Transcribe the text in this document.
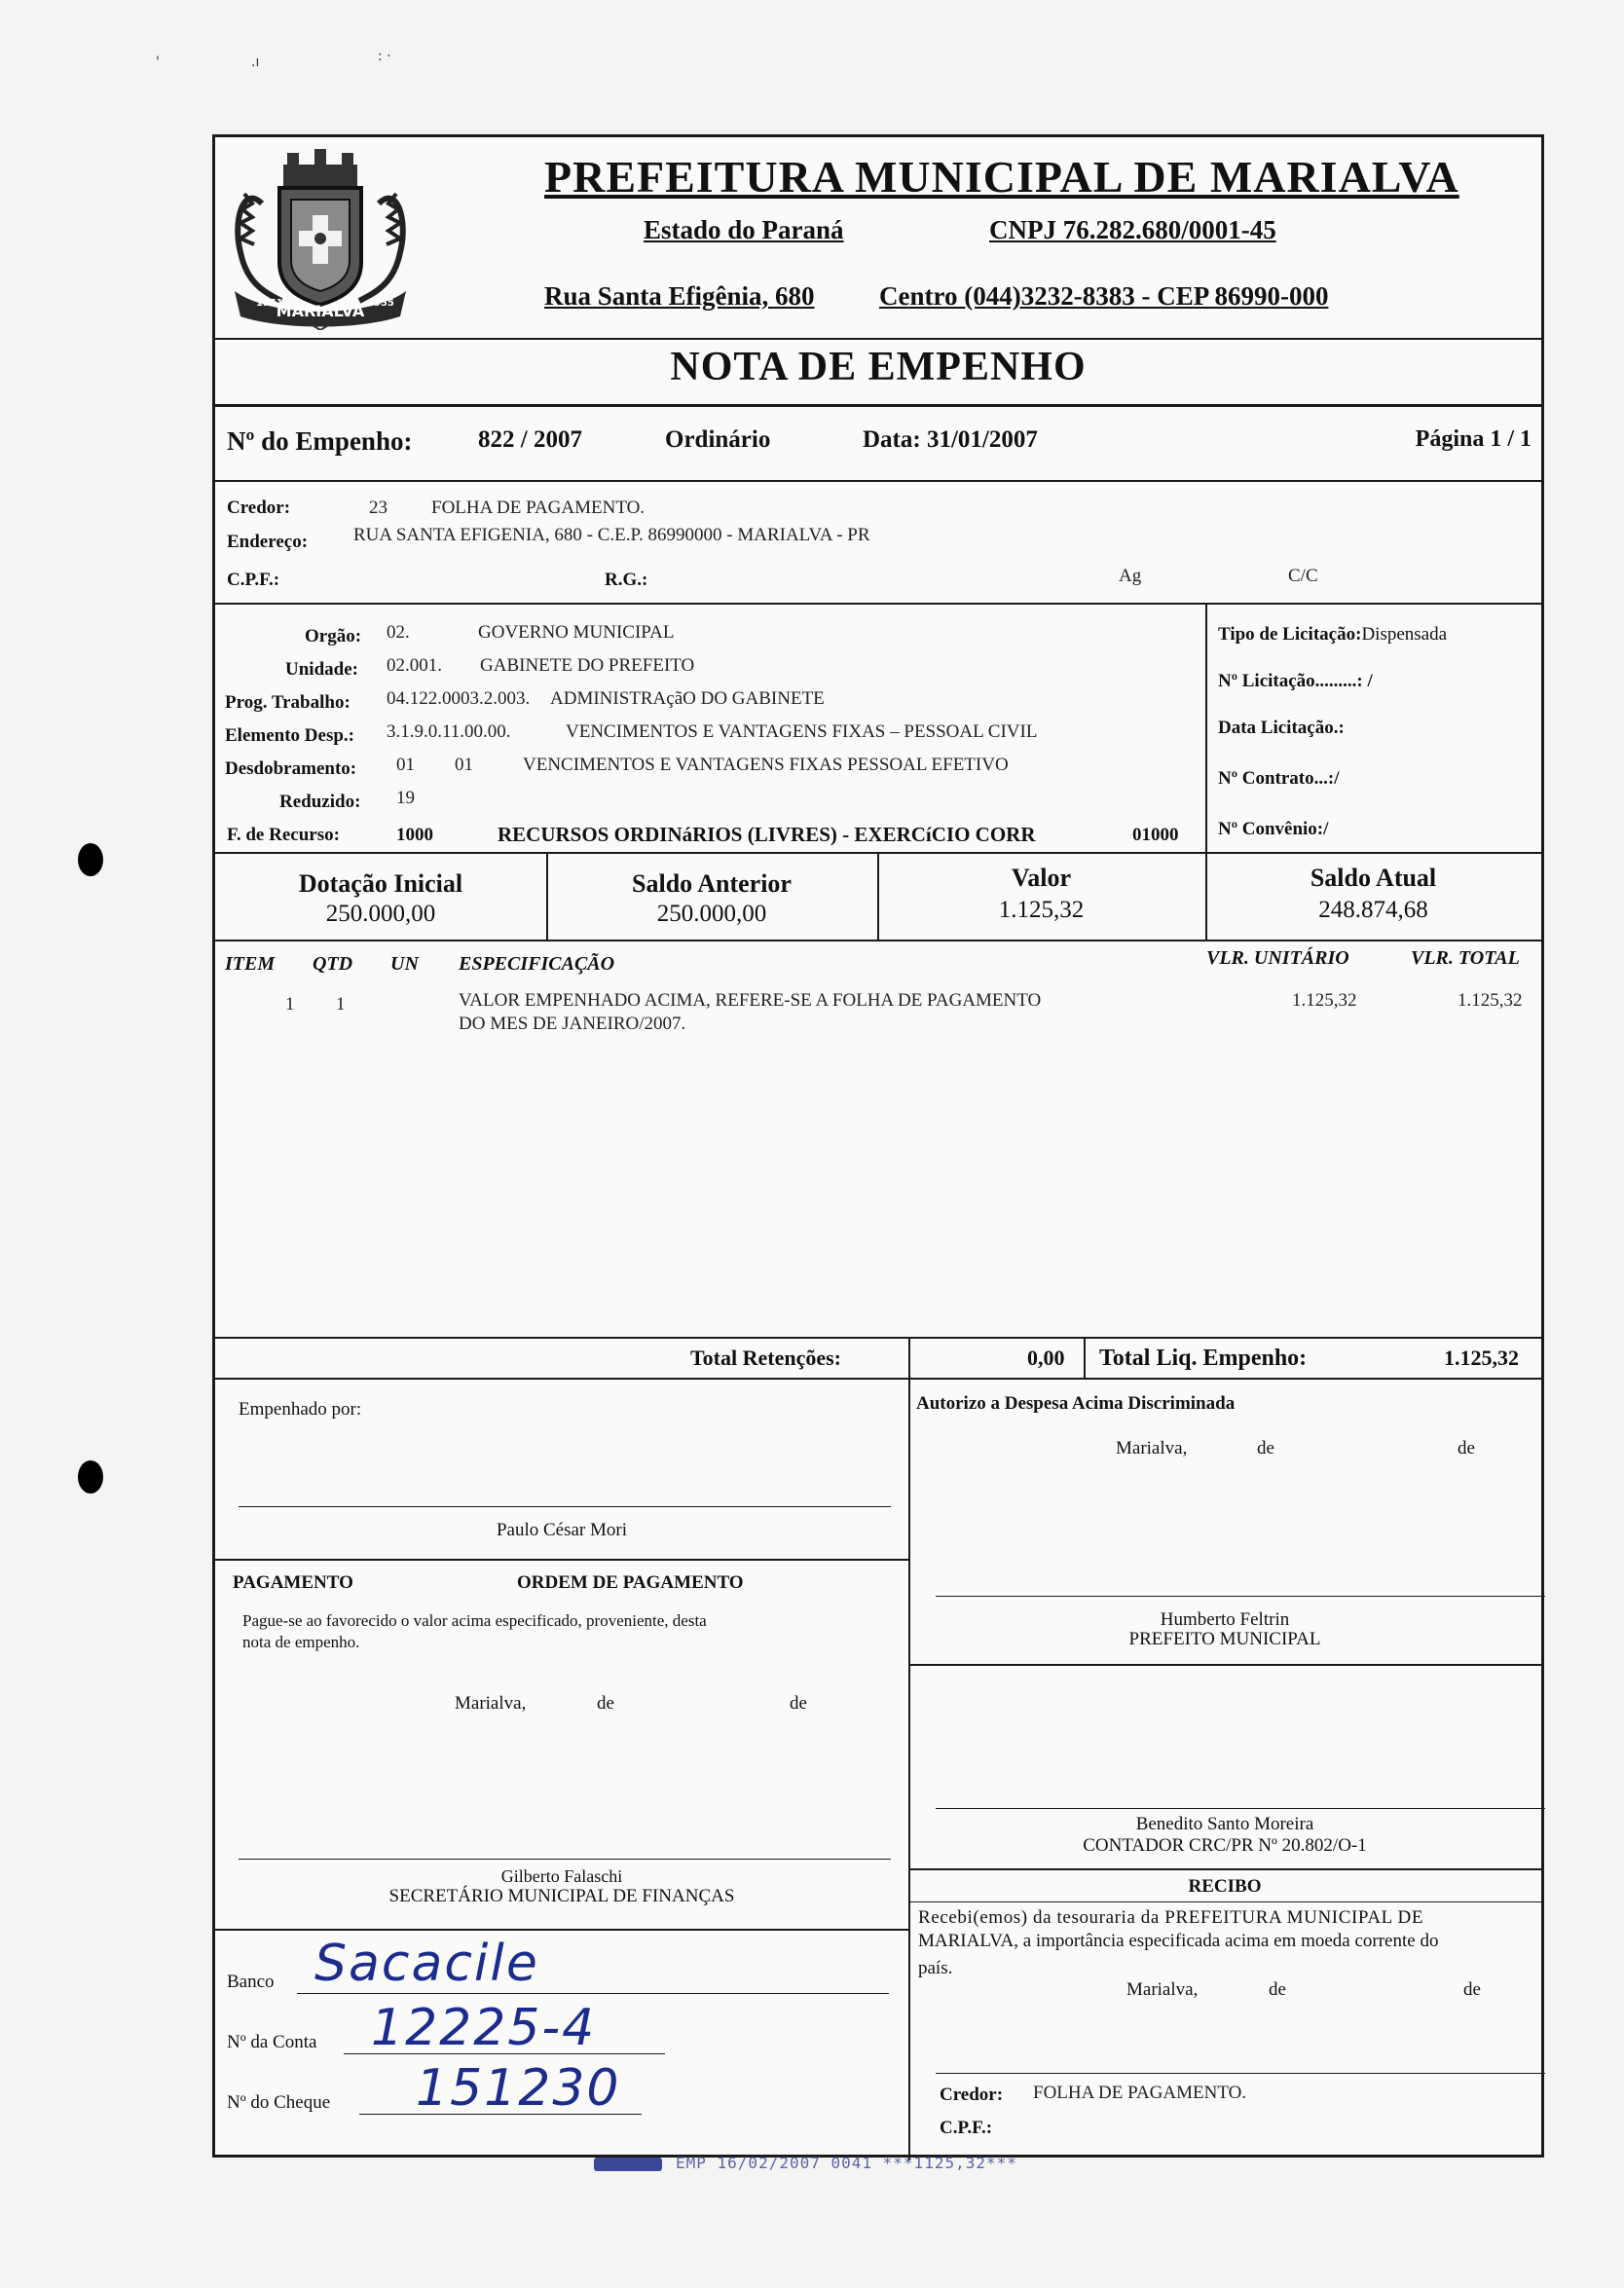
'	.ı	: ·
MARIALVA
1951	1955
PREFEITURA MUNICIPAL DE MARIALVA
Estado do Paraná	CNPJ 76.282.680/0001-45
Rua Santa Efigênia, 680 Centro (044)3232-8383 - CEP 86990-000
NOTA DE EMPENHO
Nº do Empenho:	822 / 2007	Ordinário	Data: 31/01/2007	Página 1 / 1
Credor:	23 FOLHA DE PAGAMENTO.
Endereço: RUA SANTA EFIGENIA, 680 - C.E.P. 86990000 - MARIALVA - PR
C.P.F.:	R.G.:	Ag	C/C
Orgão: 02.	GOVERNO MUNICIPAL
Unidade: 02.001. GABINETE DO PREFEITO
Prog. Trabalho: 04.122.0003.2.003. ADMINISTRAçãO DO GABINETE
Elemento Desp.: 3.1.9.0.11.00.00.	VENCIMENTOS E VANTAGENS FIXAS – PESSOAL CIVIL
Desdobramento: 01 01	VENCIMENTOS E VANTAGENS FIXAS PESSOAL EFETIVO
Reduzido: 19
F. de Recurso:	1000	RECURSOS ORDINáRIOS (LIVRES) - EXERCíCIO CORR	01000
Tipo de Licitação:Dispensada
Nº Licitação.........: /
Data Licitação.:
Nº Contrato...:/
Nº Convênio:/
Dotação Inicial
250.000,00
Saldo Anterior
250.000,00
Valor
1.125,32
Saldo Atual
248.874,68
ITEM QTD UN ESPECIFICAÇÃO	VLR. UNITÁRIO	VLR. TOTAL
1 1	VALOR EMPENHADO ACIMA, REFERE-SE A FOLHA DE PAGAMENTO
DO MES DE JANEIRO/2007.
1.125,32	1.125,32
Total Retenções:	0,00 Total Liq. Empenho:	1.125,32
Empenhado por:
Paulo César Mori
Autorizo a Despesa Acima Discriminada
Marialva,	de	de
Humberto Feltrin
PREFEITO MUNICIPAL
PAGAMENTO	ORDEM DE PAGAMENTO
Pague-se ao favorecido o valor acima especificado, proveniente, desta
nota de empenho.
Marialva,	de	de
Benedito Santo Moreira
CONTADOR CRC/PR Nº 20.802/O-1
Gilberto Falaschi
SECRETÁRIO MUNICIPAL DE FINANÇAS	RECIBO
Recebi(emos) da tesouraria da PREFEITURA MUNICIPAL DE
MARIALVA, a importância especificada acima em moeda corrente do
país.
Marialva,	de	de
Credor: FOLHA DE PAGAMENTO.
C.P.F.:
Banco Sacacile
Nº da Conta 12225-4
Nº do Cheque 151230
EMP 16/02/2007 0041 ***1125,32***
